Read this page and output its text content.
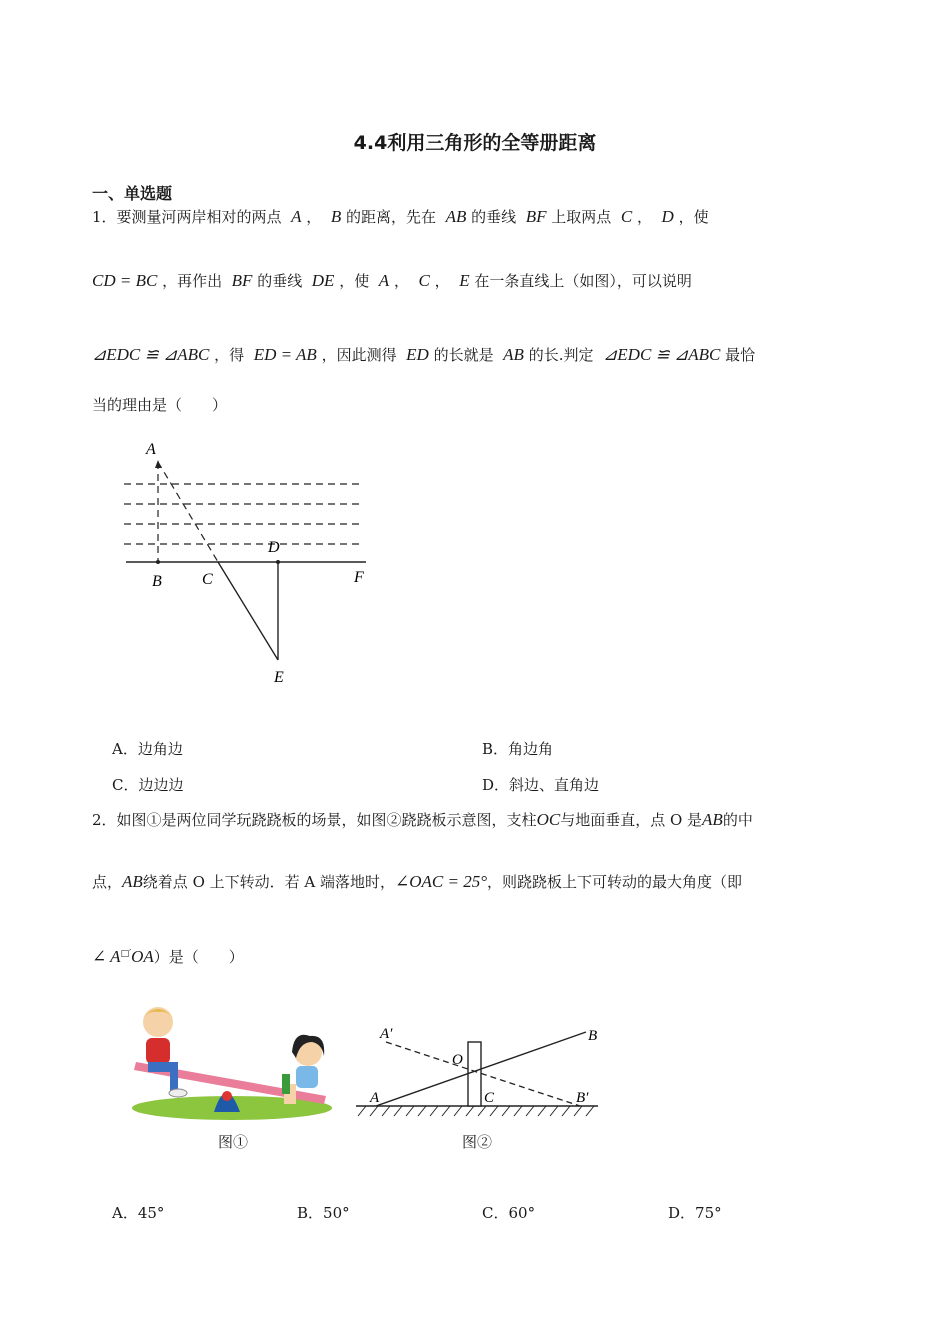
4.4利用三角形的全等册距离
一、单选题
1．要测量河两岸相对的两点 A ， B 的距离，先在 AB 的垂线 BF 上取两点 C ， D ，使
CD = BC ，再作出 BF 的垂线 DE ，使 A ， C ， E 在一条直线上（如图），可以说明
⊿EDC ≌ ⊿ABC ，得 ED = AB ，因此测得 ED 的长就是 AB 的长.判定 ⊿EDC ≌ ⊿ABC 最恰
当的理由是（　　）
A
B	C
D
F
E
A．边角边	B．角边角
C．边边边	D．斜边、直角边
2．如图①是两位同学玩跷跷板的场景，如图②跷跷板示意图，支柱OC与地面垂直，点 O 是AB的中
点，AB绕着点 O 上下转动．若 A 端落地时，∠OAC = 25°，则跷跷板上下可转动的最大角度（即
∠ A□′OA）是（　　）
图①
A′	B
O
A	C	B′
图②
A．45°	B．50°	C．60°	D．75°
